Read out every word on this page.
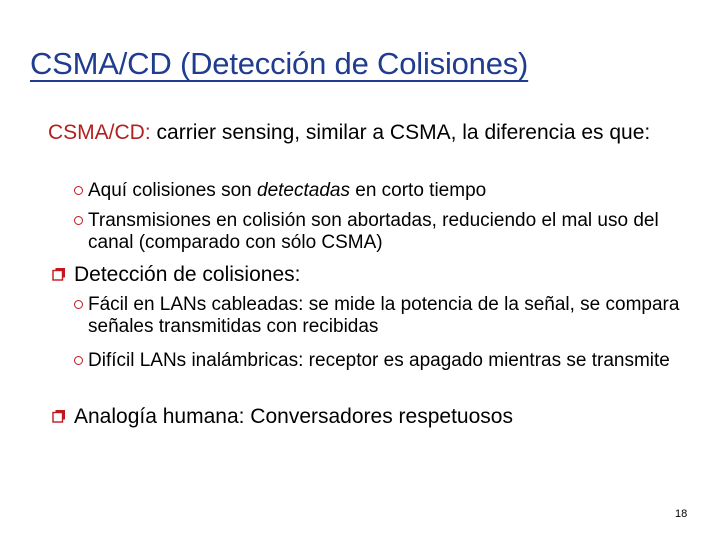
CSMA/CD (Detección de Colisiones)
CSMA/CD: carrier sensing, similar a CSMA, la diferencia es que:
Aquí colisiones son detectadas en corto tiempo
Transmisiones en colisión son abortadas, reduciendo el mal uso del canal (comparado con sólo CSMA)
Detección de colisiones:
Fácil en LANs cableadas: se mide la potencia de la señal, se compara señales transmitidas con recibidas
Difícil LANs inalámbricas: receptor es apagado mientras se transmite
Analogía humana: Conversadores respetuosos
18
